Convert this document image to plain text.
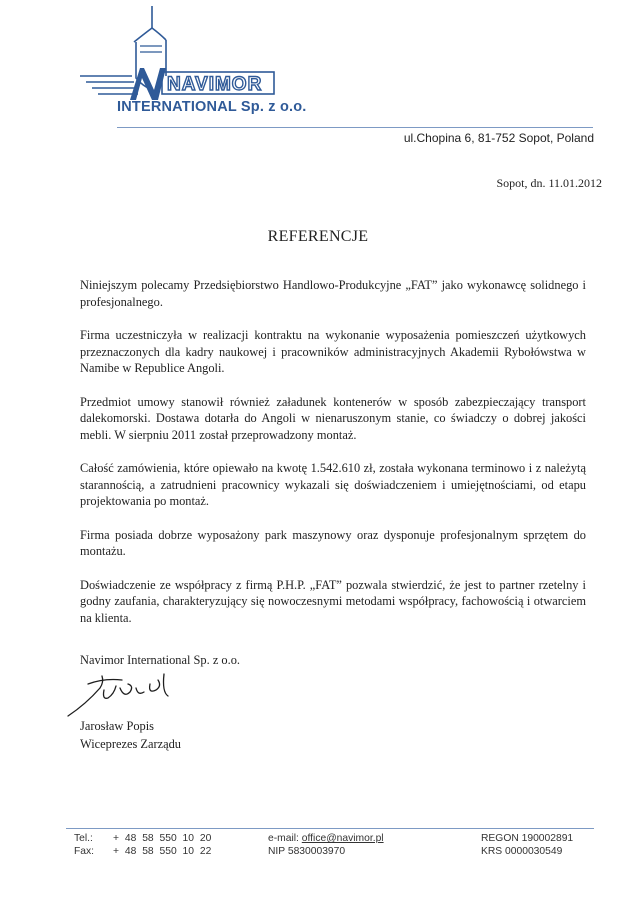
NAVIMOR
INTERNATIONAL Sp. z o.o.
ul.Chopina 6, 81-752 Sopot, Poland
Sopot, dn. 11.01.2012
REFERENCJE

Niniejszym polecamy Przedsiębiorstwo Handlowo-Produkcyjne „FAT” jako wykonawcę solidnego i profesjonalnego.

Firma uczestniczyła w realizacji kontraktu na wykonanie wyposażenia pomieszczeń użytkowych przeznaczonych dla kadry naukowej i pracowników administracyjnych Akademii Rybołówstwa w Namibe w Republice Angoli.

Przedmiot umowy stanowił również załadunek kontenerów w sposób zabezpieczający transport dalekomorski. Dostawa dotarła do Angoli w nienaruszonym stanie, co świadczy o dobrej jakości mebli. W sierpniu 2011 został przeprowadzony montaż.

Całość zamówienia, które opiewało na kwotę 1.542.610 zł, została wykonana terminowo i z należytą starannością, a zatrudnieni pracownicy wykazali się doświadczeniem i umiejętnościami, od etapu projektowania po montaż.

Firma posiada dobrze wyposażony park maszynowy oraz dysponuje profesjonalnym sprzętem do montażu.

Doświadczenie ze współpracy z firmą P.H.P. „FAT” pozwala stwierdzić, że jest to partner rzetelny i godny zaufania, charakteryzujący się nowoczesnymi metodami współpracy, fachowością i otwarciem na klienta.

Navimor International Sp. z o.o.
Jarosław Popis
Wiceprezes Zarządu
Tel.: + 48 58 550 10 20
Fax: + 48 58 550 10 22
e-mail: office@navimor.pl
NIP 5830003970
REGON 190002891
KRS 0000030549
